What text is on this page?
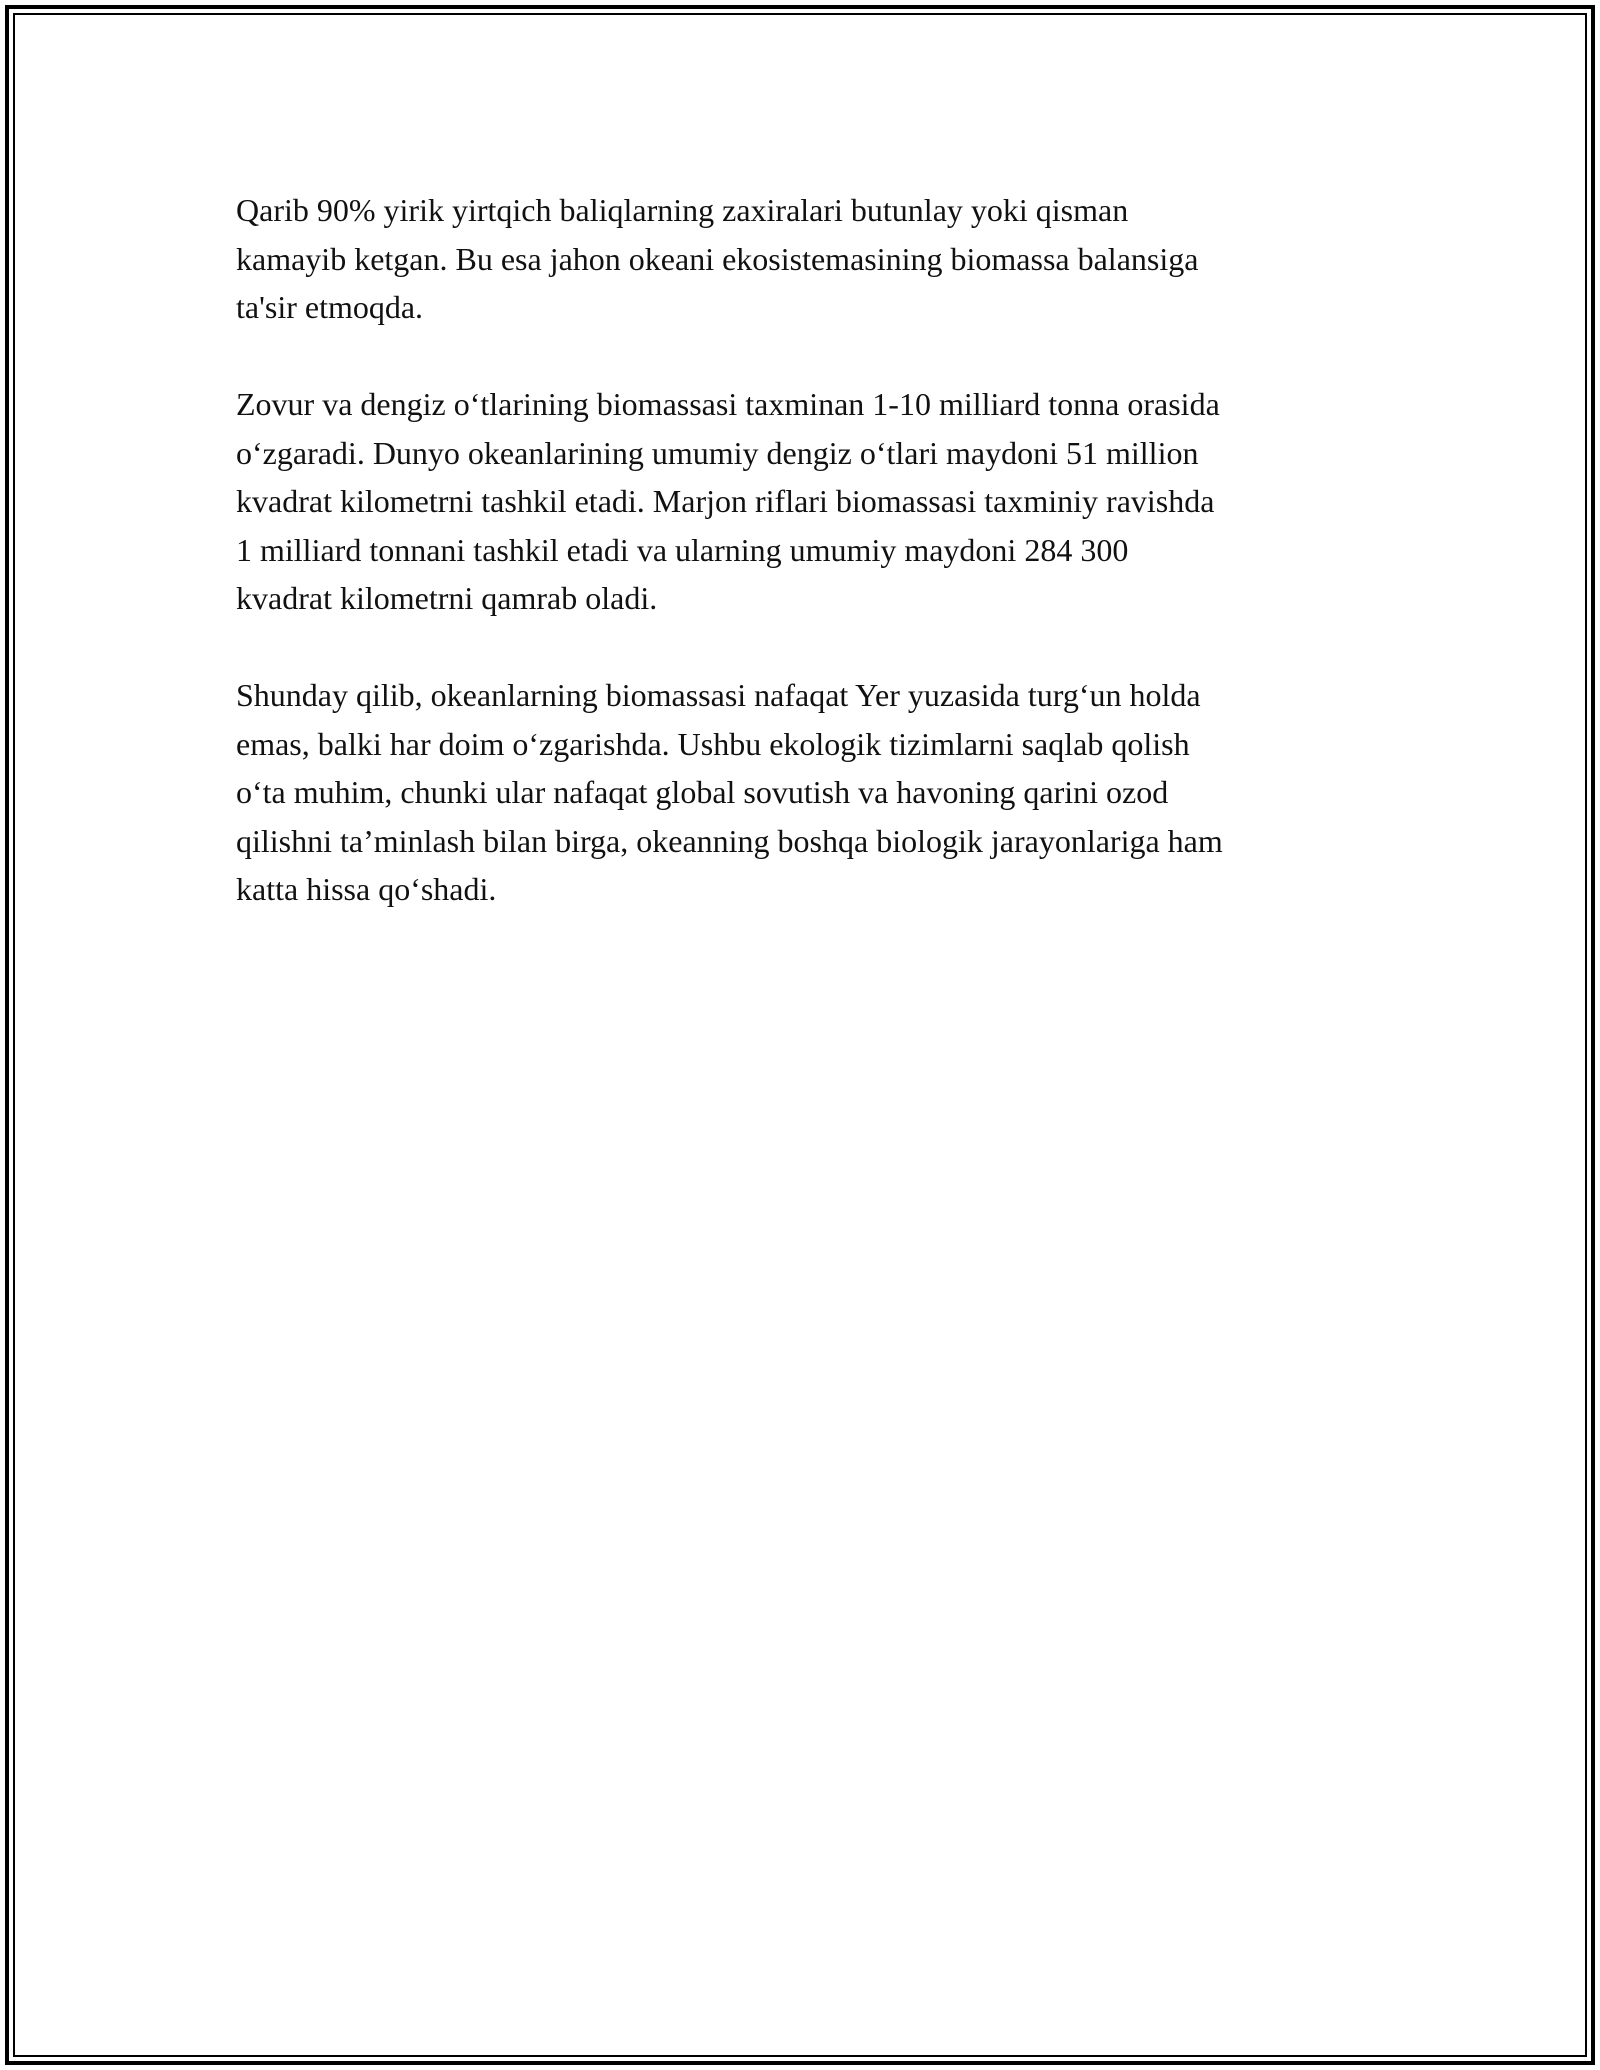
Qarib 90% yirik yirtqich baliqlarning zaxiralari butunlay yoki qisman
kamayib ketgan. Bu esa jahon okeani ekosistemasining biomassa balansiga
ta'sir etmoqda.

Zovur va dengiz o‘tlarining biomassasi taxminan 1-10 milliard tonna orasida
o‘zgaradi. Dunyo okeanlarining umumiy dengiz o‘tlari maydoni 51 million
kvadrat kilometrni tashkil etadi. Marjon riflari biomassasi taxminiy ravishda
1 milliard tonnani tashkil etadi va ularning umumiy maydoni 284 300
kvadrat kilometrni qamrab oladi.

Shunday qilib, okeanlarning biomassasi nafaqat Yer yuzasida turg‘un holda
emas, balki har doim o‘zgarishda. Ushbu ekologik tizimlarni saqlab qolish
o‘ta muhim, chunki ular nafaqat global sovutish va havoning qarini ozod
qilishni ta’minlash bilan birga, okeanning boshqa biologik jarayonlariga ham
katta hissa qo‘shadi.
